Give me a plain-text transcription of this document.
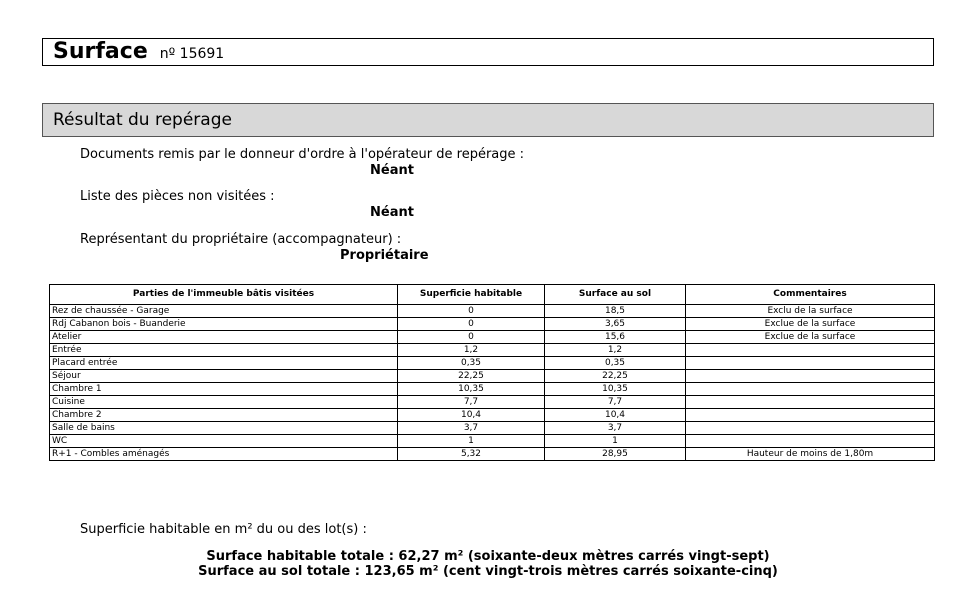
Surface nº 15691
Résultat du repérage
Documents remis par le donneur d'ordre à l'opérateur de repérage :
Néant
Liste des pièces non visitées :
Néant
Représentant du propriétaire (accompagnateur) :
Propriétaire
Parties de l'immeuble bâtis visitées	Superficie habitable	Surface au sol	Commentaires
Rez de chaussée - Garage	0	18,5	Exclu de la surface
Rdj Cabanon bois - Buanderie	0	3,65	Exclue de la surface
Atelier	0	15,6	Exclue de la surface
Entrée	1,2	1,2	
Placard entrée	0,35	0,35	
Séjour	22,25	22,25	
Chambre 1	10,35	10,35	
Cuisine	7,7	7,7	
Chambre 2	10,4	10,4	
Salle de bains	3,7	3,7	
WC	1	1	
R+1 - Combles aménagés	5,32	28,95	Hauteur de moins de 1,80m
Superficie habitable en m² du ou des lot(s) :
Surface habitable totale : 62,27 m² (soixante-deux mètres carrés vingt-sept)
Surface au sol totale : 123,65 m² (cent vingt-trois mètres carrés soixante-cinq)
